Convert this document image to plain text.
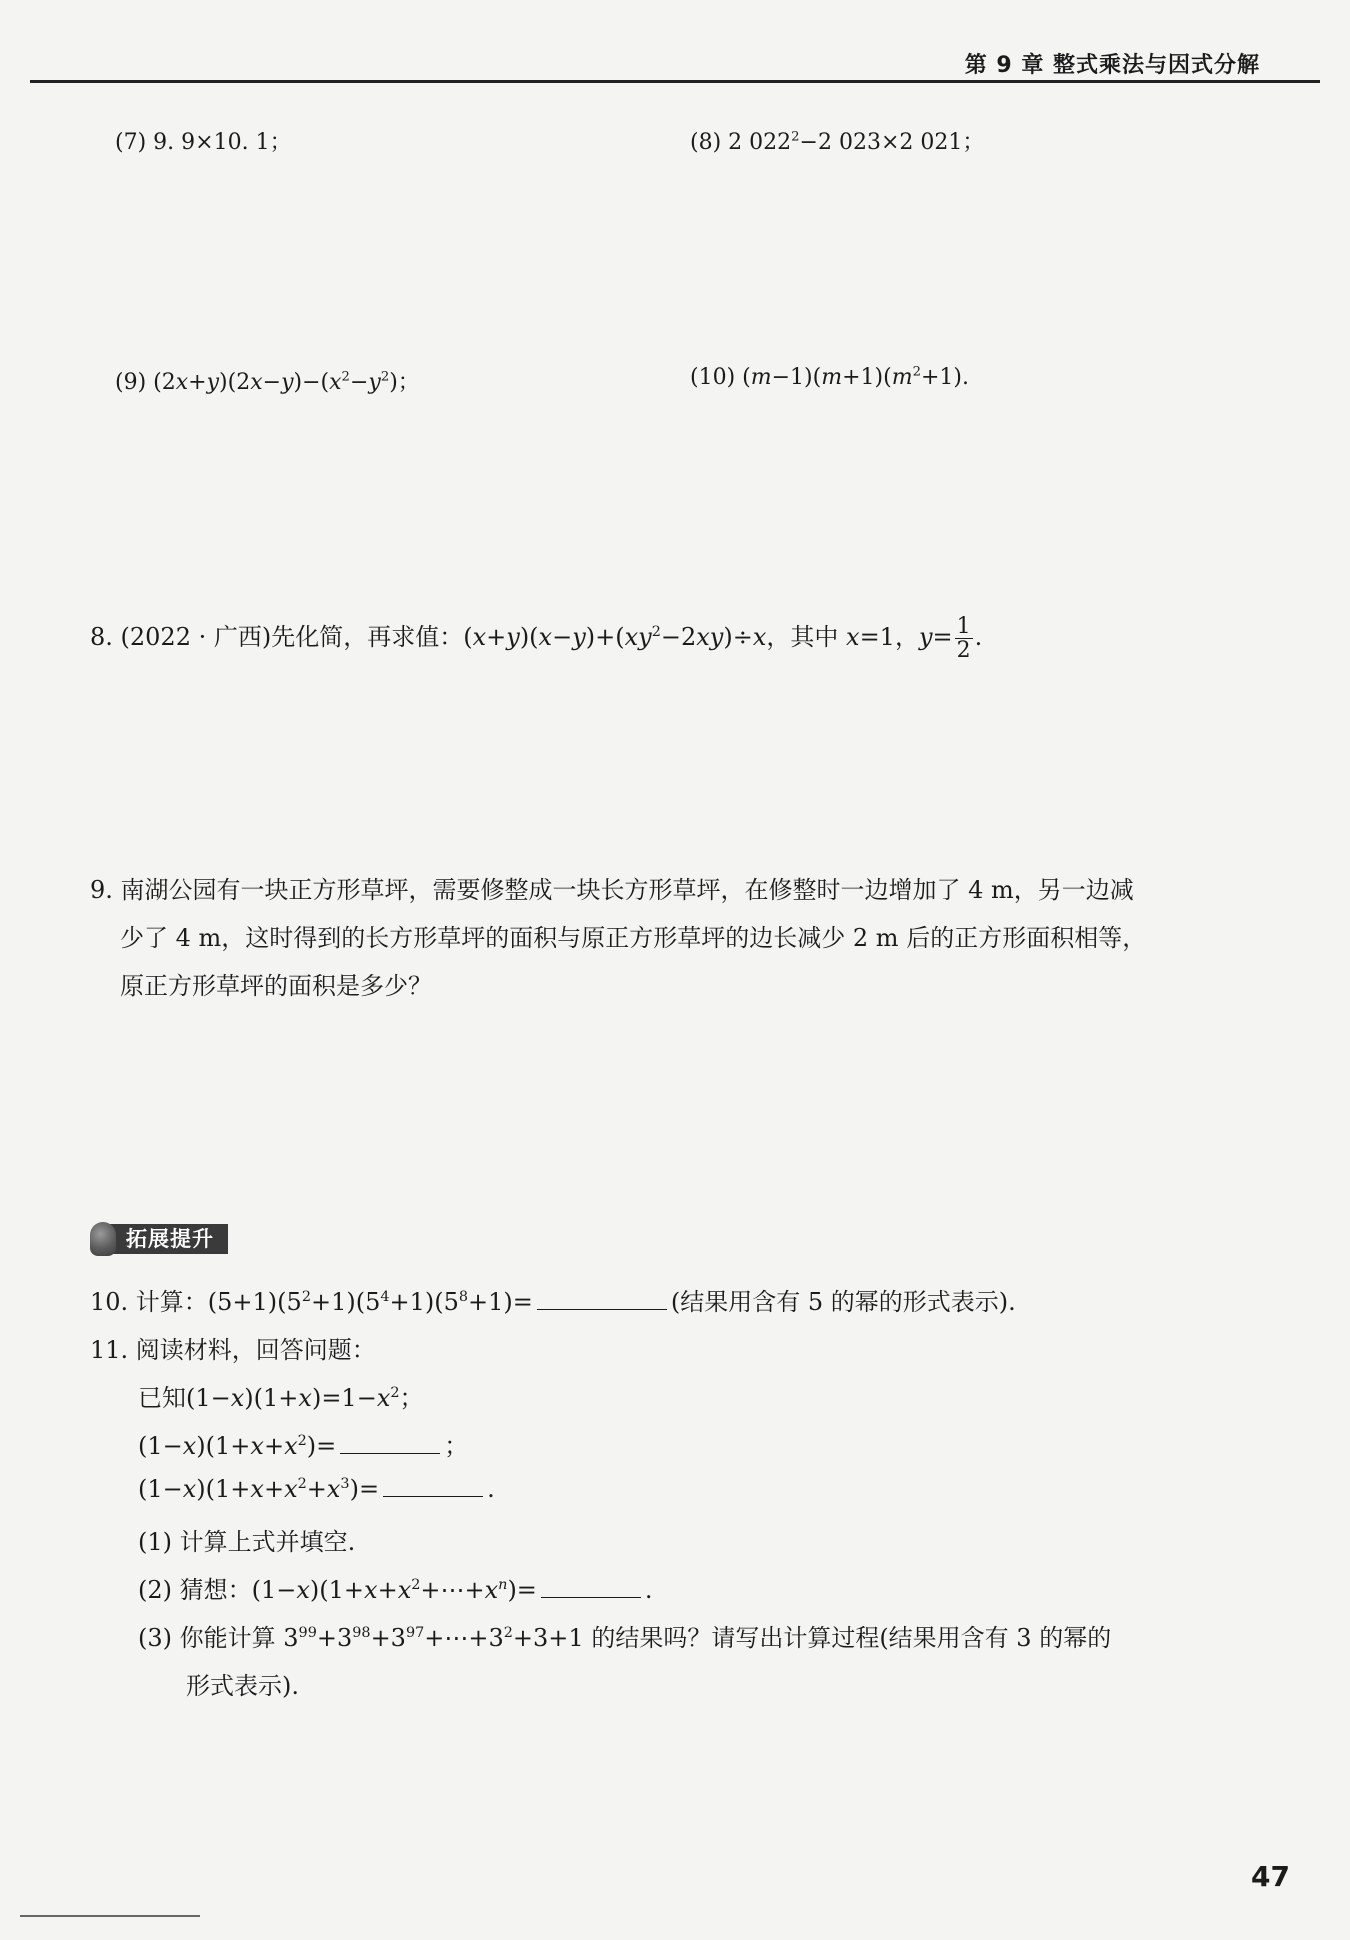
第 9 章 整式乘法与因式分解
(7) 9. 9×10. 1；	(8) 2 $022^2-2$ 023×2 021；
(9) $(2x+y)(2x-y)-(x^2-y^2)$；	(10) $(m-1)(m+1)(m^2+1)$.
8. (2022 · 广西)先化简，再求值：$(x+y)(x-y)+(xy^2-2xy)\div x$，其中 x=1，$y= \frac{1}{2}$ .
9. 南湖公园有一块正方形草坪，需要修整成一块长方形草坪，在修整时一边增加了 4 m，另一边减
少了 4 m，这时得到的长方形草坪的面积与原正方形草坪的边长减少 2 m 后的正方形面积相等，
原正方形草坪的面积是多少？
拓展提升
10. 计算：$(5+1)(5^2+1)(5^4+1)(5^8+1)=$	(结果用含有 5 的幂的形式表示).
11. 阅读材料，回答问题：
已知$(1-x)(1+x)=1-x^2$；
$(1-x)(1+x+x^2)=$	；
$(1-x)(1+x+x^2+x^3)=$	.
(1) 计算上式并填空.
(2) 猜想：$(1-x)(1+x+x^2+\cdots+x^n)=$	.
(3) 你能计算 $3^{99}+3^{98}+3^{97}+\cdots+3^2+3+1$ 的结果吗？请写出计算过程(结果用含有 3 的幂的
形式表示).
47
